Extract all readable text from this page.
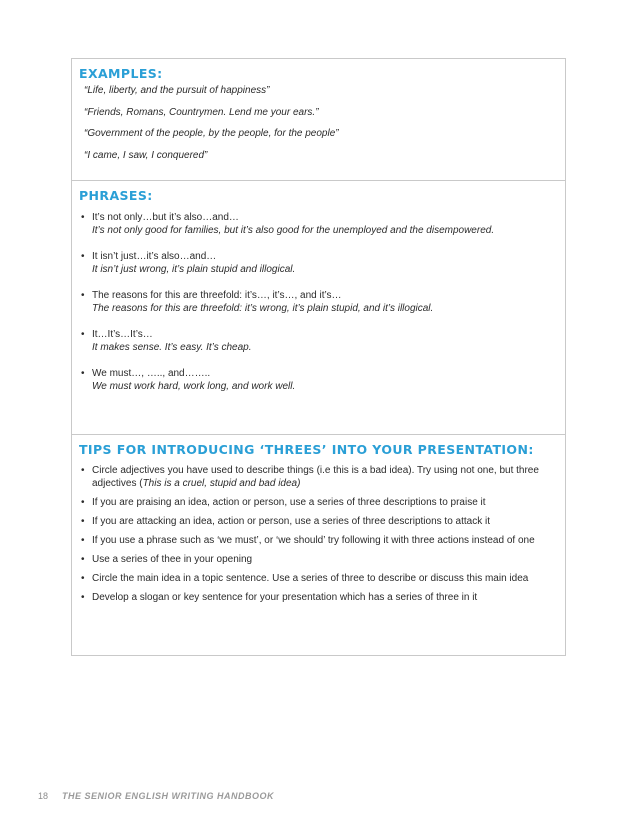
EXAMPLES:
“Life, liberty, and the pursuit of happiness”
“Friends, Romans, Countrymen. Lend me your ears.”
“Government of the people, by the people, for the people”
“I came, I saw, I conquered”
PHRASES:
• It’s not only…but it’s also…and…
It’s not only good for families, but it’s also good for the unemployed and the disempowered.
• It isn’t just…it’s also…and…
It isn’t just wrong, it’s plain stupid and illogical.
• The reasons for this are threefold: it’s…, it’s…, and it’s…
The reasons for this are threefold: it’s wrong, it’s plain stupid, and it’s illogical.
• It…It’s…It’s…
It makes sense. It’s easy. It’s cheap.
• We must…, ….., and……..
We must work hard, work long, and work well.
TIPS FOR INTRODUCING ‘THREES’ INTO YOUR PRESENTATION:
• Circle adjectives you have used to describe things (i.e this is a bad idea). Try using not one, but three adjectives (This is a cruel, stupid and bad idea)
• If you are praising an idea, action or person, use a series of three descriptions to praise it
• If you are attacking an idea, action or person, use a series of three descriptions to attack it
• If you use a phrase such as ‘we must’, or ‘we should’ try following it with three actions instead of one
• Use a series of thee in your opening
• Circle the main idea in a topic sentence. Use a series of three to describe or discuss this main idea
• Develop a slogan or key sentence for your presentation which has a series of three in it
18 THE SENIOR ENGLISH WRITING HANDBOOK
